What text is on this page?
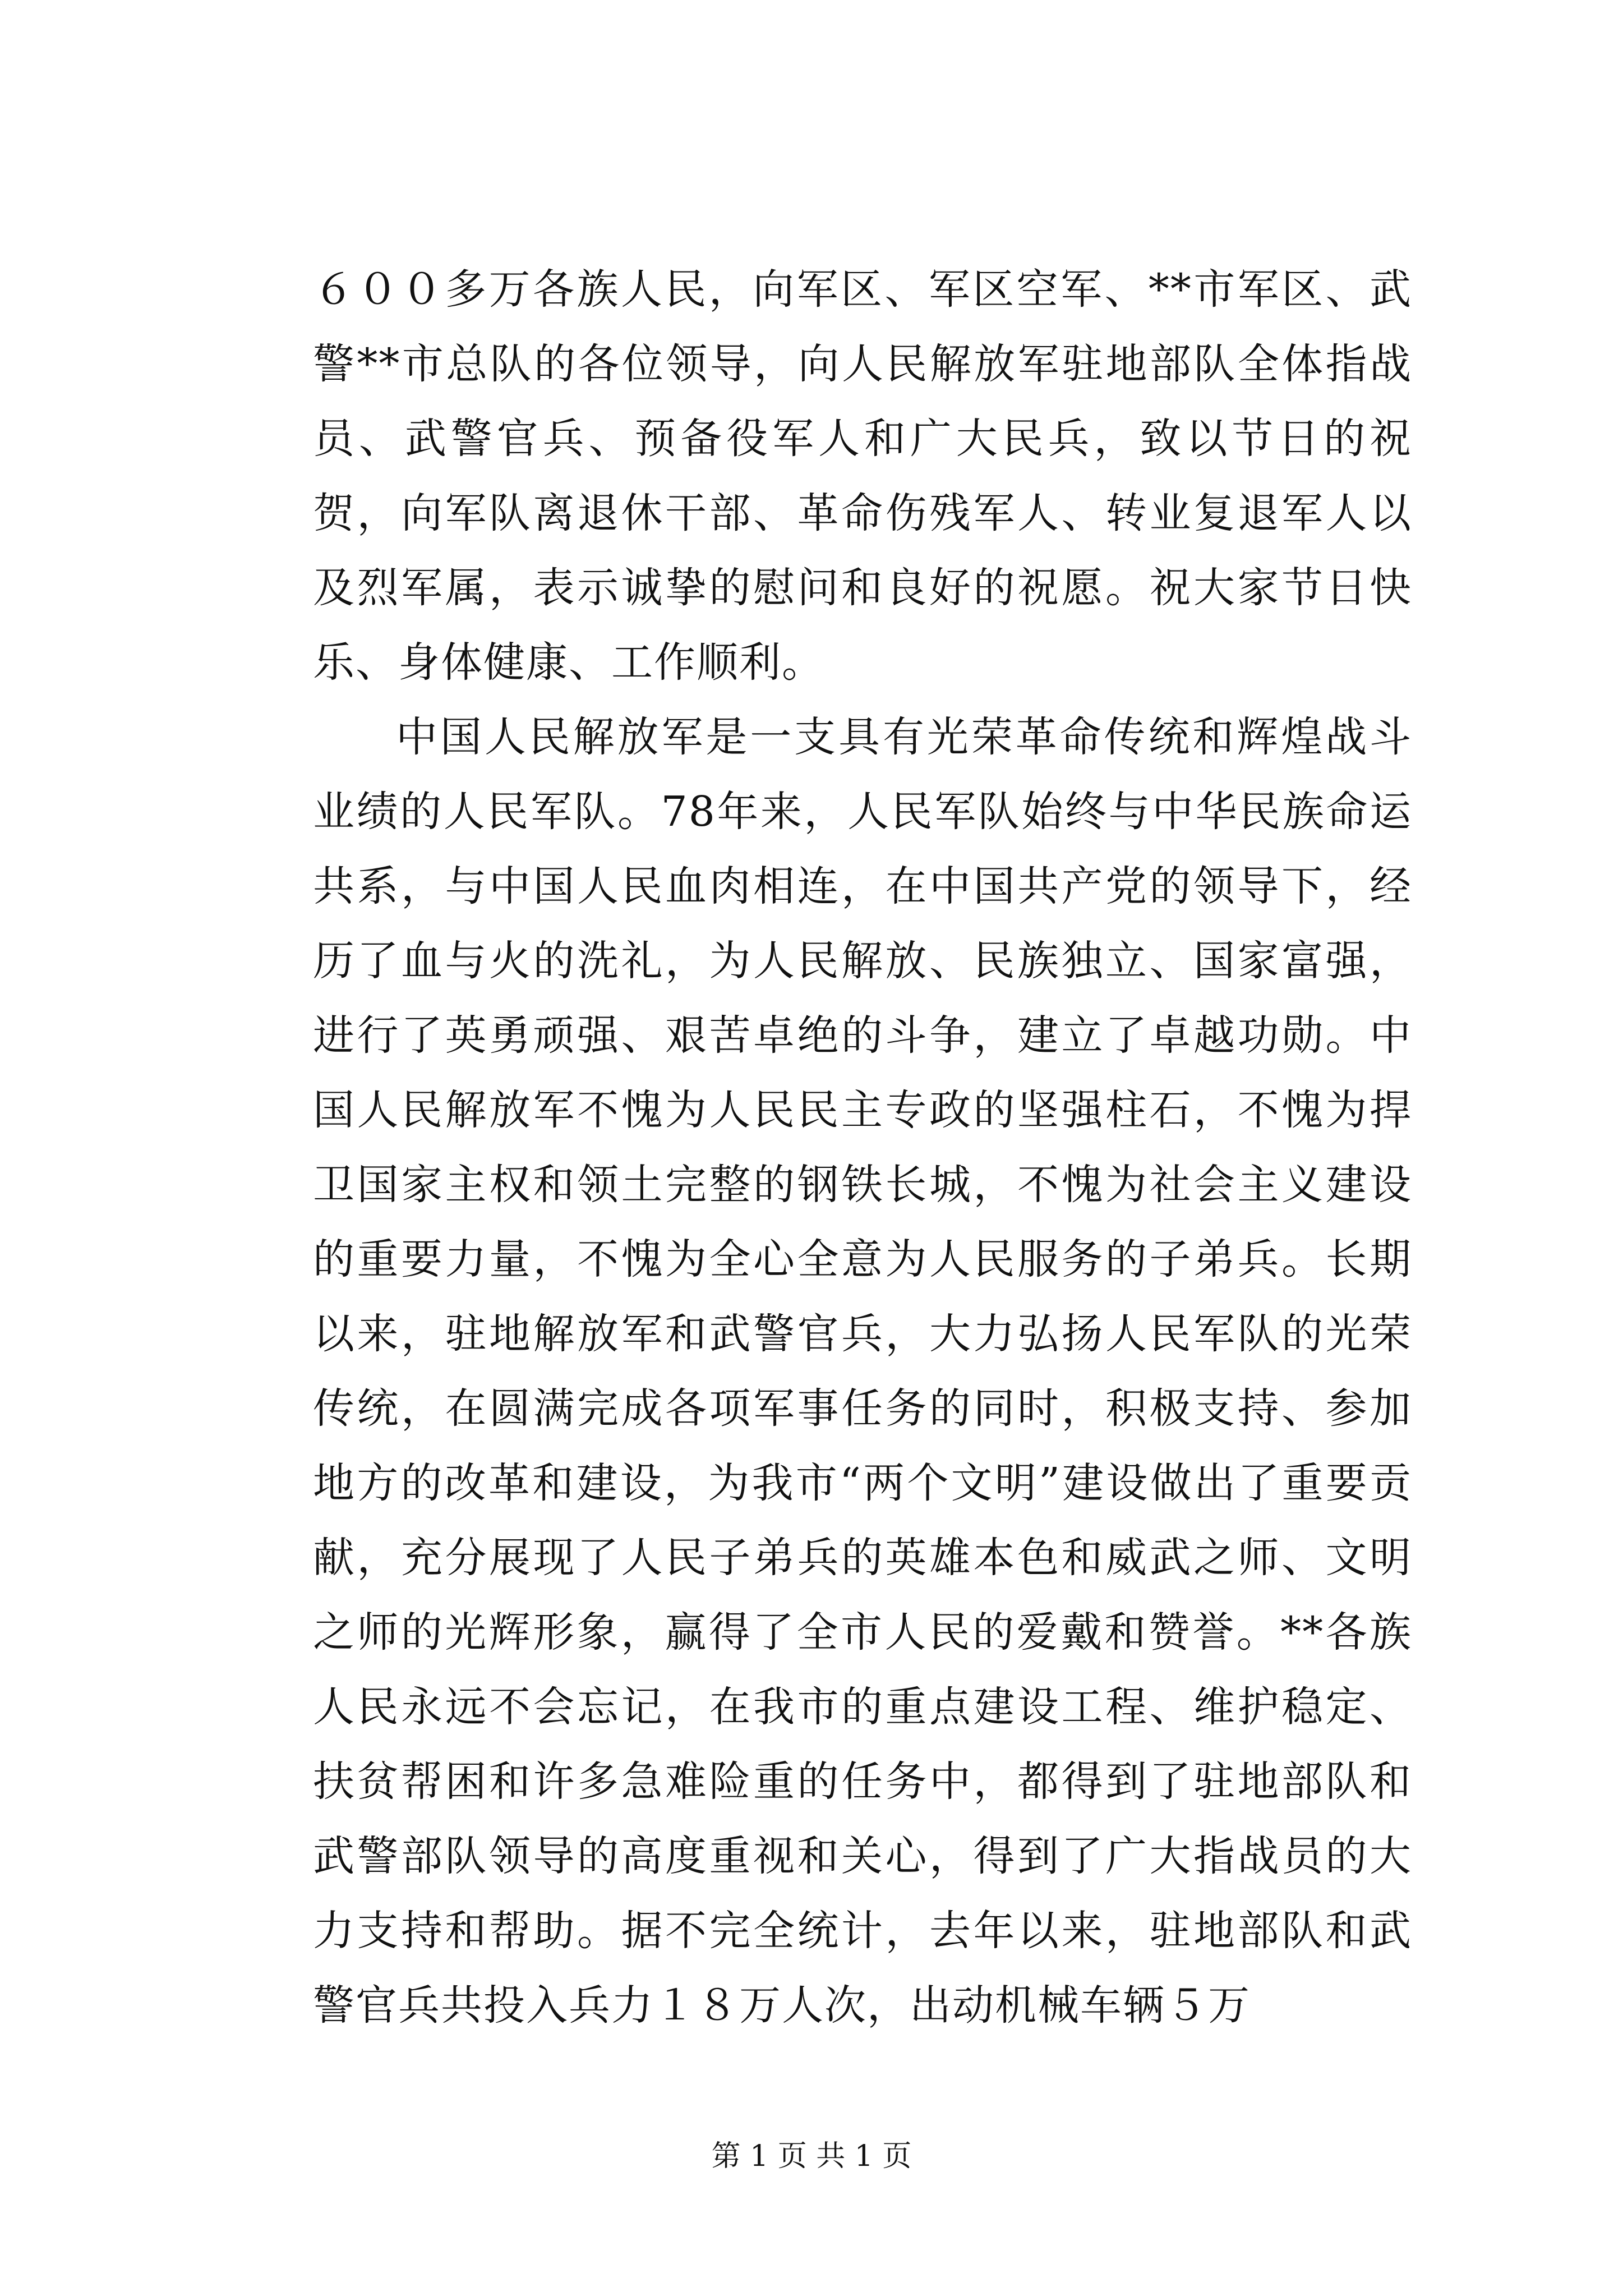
６００多万各族人民，向军区、军区空军、**市军区、武警**市总队的各位领导，向人民解放军驻地部队全体指战员、武警官兵、预备役军人和广大民兵，致以节日的祝贺，向军队离退休干部、革命伤残军人、转业复退军人以及烈军属，表示诚挚的慰问和良好的祝愿。祝大家节日快乐、身体健康、工作顺利。

中国人民解放军是一支具有光荣革命传统和辉煌战斗业绩的人民军队。78年来，人民军队始终与中华民族命运共系，与中国人民血肉相连，在中国共产党的领导下，经历了血与火的洗礼，为人民解放、民族独立、国家富强，进行了英勇顽强、艰苦卓绝的斗争，建立了卓越功勋。中国人民解放军不愧为人民民主专政的坚强柱石，不愧为捍卫国家主权和领土完整的钢铁长城，不愧为社会主义建设的重要力量，不愧为全心全意为人民服务的子弟兵。长期以来，驻地解放军和武警官兵，大力弘扬人民军队的光荣传统，在圆满完成各项军事任务的同时，积极支持、参加地方的改革和建设，为我市“两个文明”建设做出了重要贡献，充分展现了人民子弟兵的英雄本色和威武之师、文明之师的光辉形象，赢得了全市人民的爱戴和赞誉。**各族人民永远不会忘记，在我市的重点建设工程、维护稳定、扶贫帮困和许多急难险重的任务中，都得到了驻地部队和武警部队领导的高度重视和关心，得到了广大指战员的大力支持和帮助。据不完全统计，去年以来，驻地部队和武警官兵共投入兵力１８万人次，出动机械车辆５万

第 1 页 共 1 页
